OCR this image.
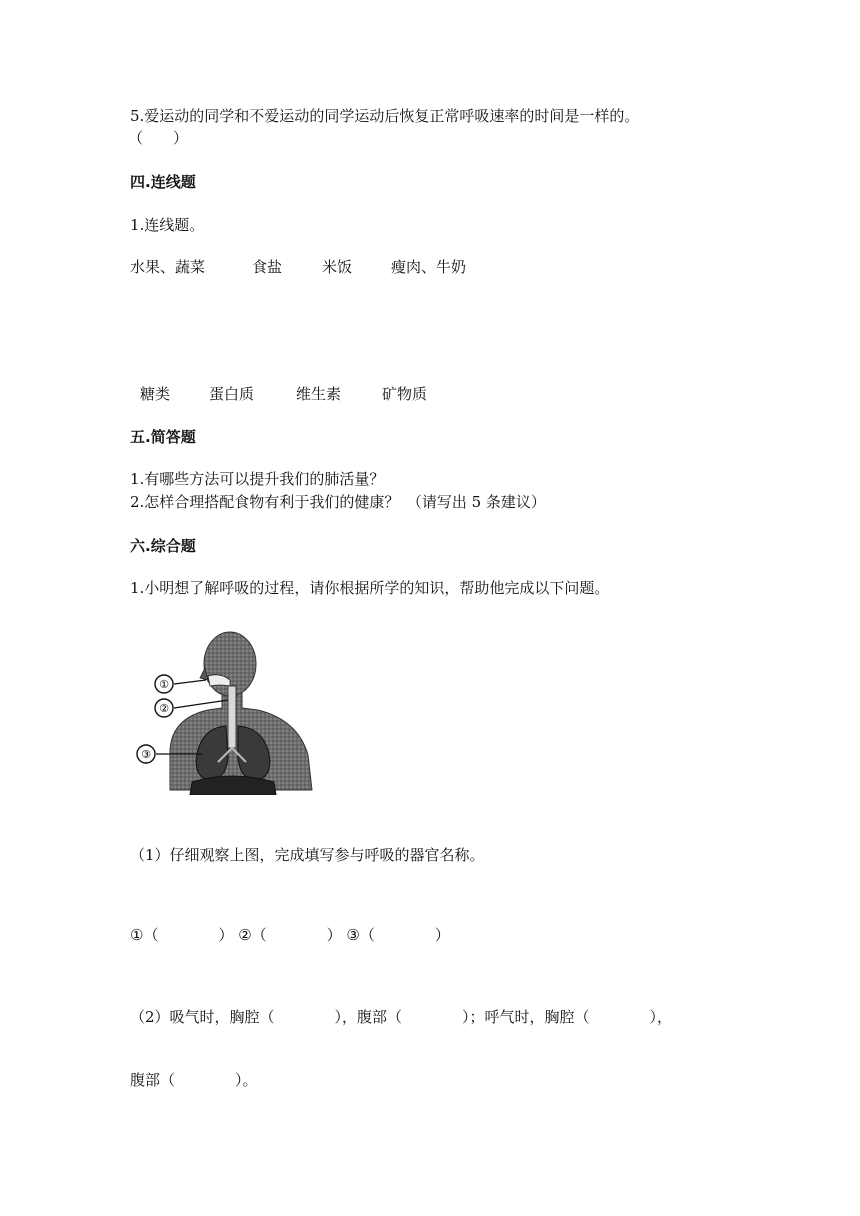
5.爱运动的同学和不爱运动的同学运动后恢复正常呼吸速率的时间是一样的。
（　　）
四.连线题
1.连线题。
水果、蔬菜	食盐	米饭	瘦肉、牛奶
糖类	蛋白质	维生素	矿物质
五.简答题
1.有哪些方法可以提升我们的肺活量？
2.怎样合理搭配食物有利于我们的健康？　（请写出 5 条建议）
六.综合题
1.小明想了解呼吸的过程，请你根据所学的知识，帮助他完成以下问题。
①
②
③
（1）仔细观察上图，完成填写参与呼吸的器官名称。
①（　　　　） ②（　　　　） ③（　　　　）
（2）吸气时，胸腔（　　　　），腹部（　　　　）；呼气时，胸腔（　　　　），
腹部（　　　　）。
